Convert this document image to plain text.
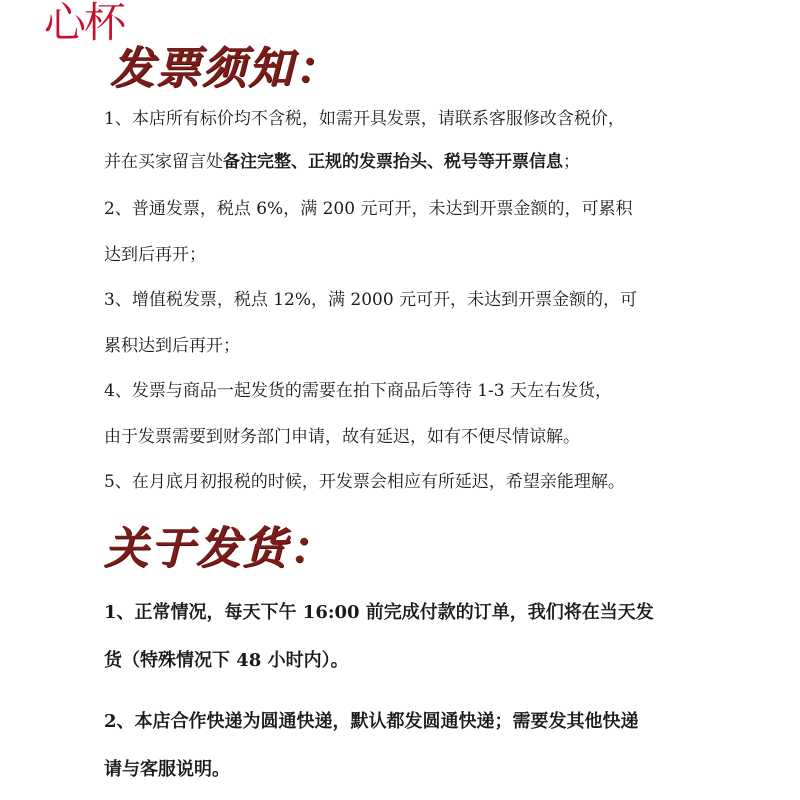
心杯
发票须知：
1、本店所有标价均不含税，如需开具发票，请联系客服修改含税价，
并在买家留言处备注完整、正规的发票抬头、税号等开票信息；
2、普通发票，税点 6%，满 200 元可开，未达到开票金额的，可累积
达到后再开；
3、增值税发票，税点 12%，满 2000 元可开，未达到开票金额的，可
累积达到后再开；
4、发票与商品一起发货的需要在拍下商品后等待 1-3 天左右发货，
由于发票需要到财务部门申请，故有延迟，如有不便尽情谅解。
5、在月底月初报税的时候，开发票会相应有所延迟，希望亲能理解。
关于发货：
1、正常情况，每天下午 16:00 前完成付款的订单，我们将在当天发
货（特殊情况下 48 小时内）。
2、本店合作快递为圆通快递，默认都发圆通快递；需要发其他快递
请与客服说明。
